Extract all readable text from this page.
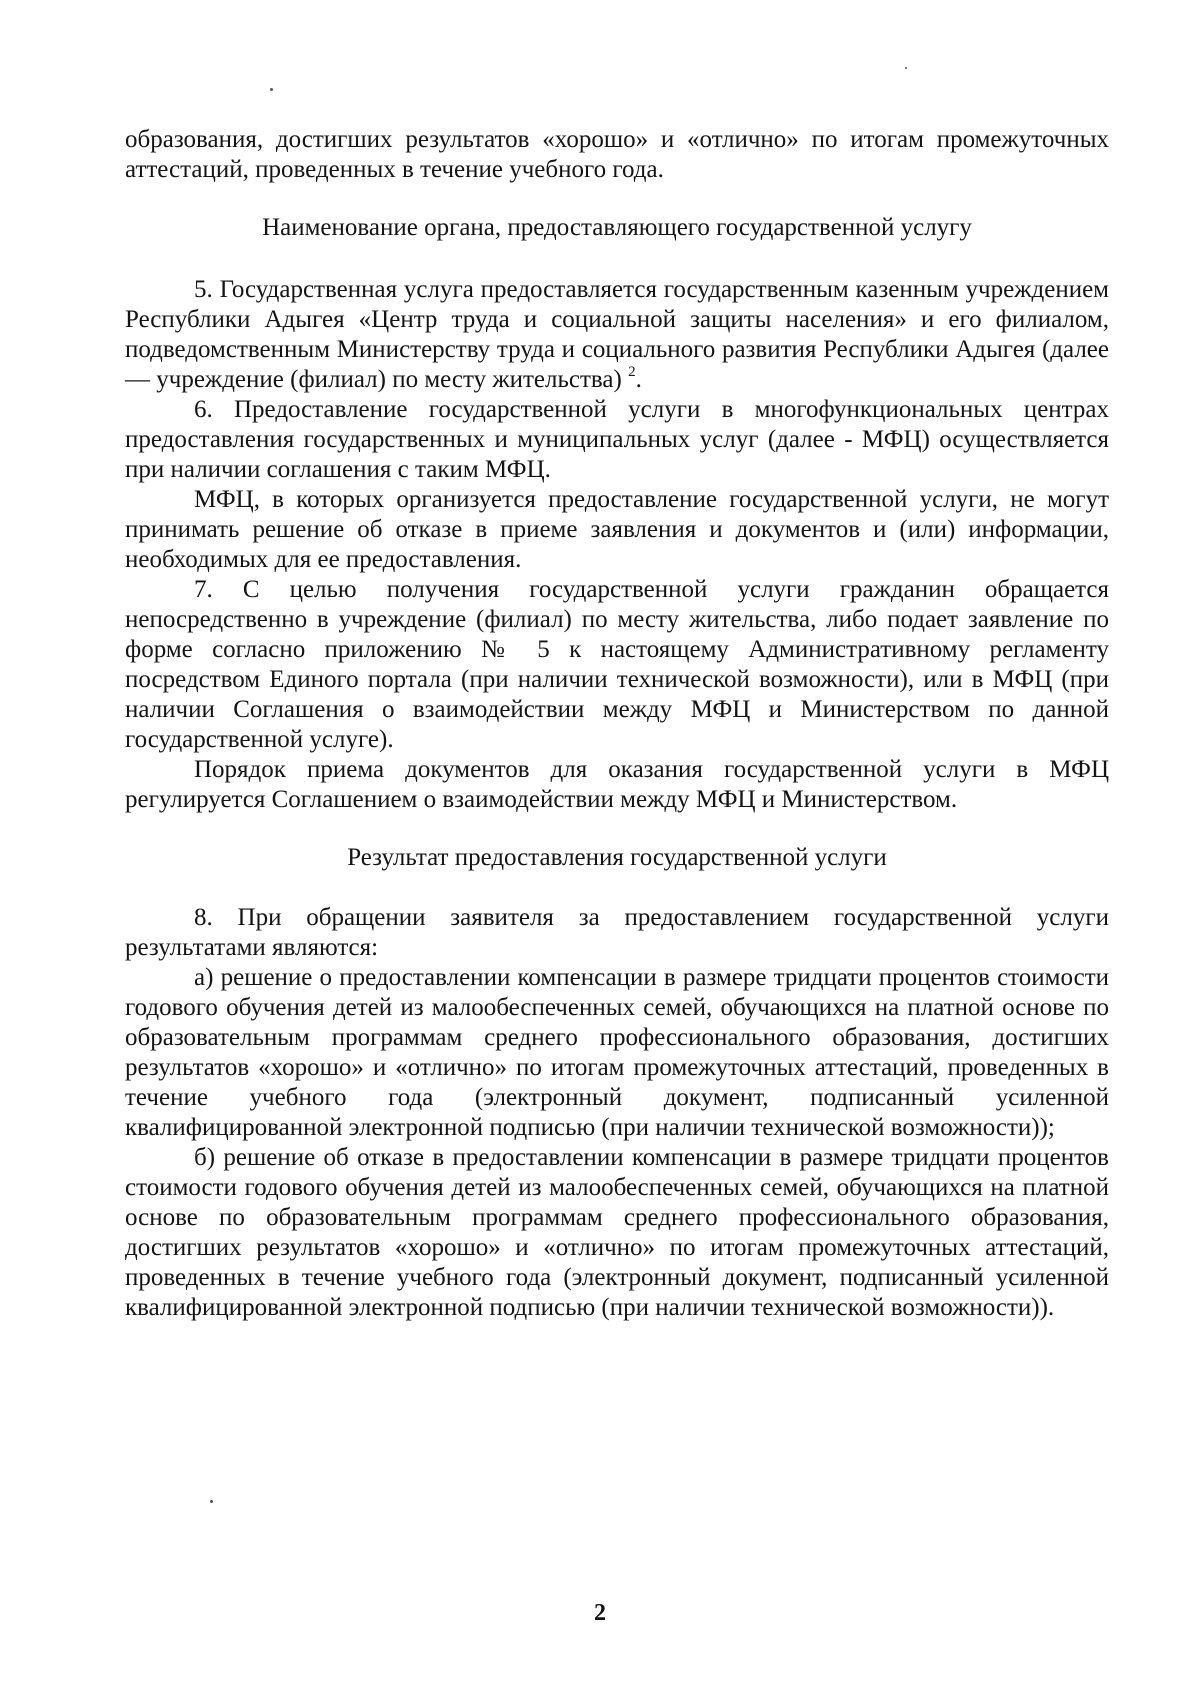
образования, достигших результатов «хорошо» и «отлично» по итогам промежуточных аттестаций, проведенных в течение учебного года.

Наименование органа, предоставляющего государственной услугу

5. Государственная услуга предоставляется государственным казенным учреждением Республики Адыгея «Центр труда и социальной защиты населения» и его филиалом, подведомственным Министерству труда и социального развития Республики Адыгея (далее — учреждение (филиал) по месту жительства) $^2$.

6. Предоставление государственной услуги в многофункциональных центрах предоставления государственных и муниципальных услуг (далее - МФЦ) осуществляется при наличии соглашения с таким МФЦ.

МФЦ, в которых организуется предоставление государственной услуги, не могут принимать решение об отказе в приеме заявления и документов и (или) информации, необходимых для ее предоставления.

7. С целью получения государственной услуги гражданин обращается непосредственно в учреждение (филиал) по месту жительства, либо подает заявление по форме согласно приложению № 5 к настоящему Административному регламенту посредством Единого портала (при наличии технической возможности), или в МФЦ (при наличии Соглашения о взаимодействии между МФЦ и Министерством по данной государственной услуге).

Порядок приема документов для оказания государственной услуги в МФЦ регулируется Соглашением о взаимодействии между МФЦ и Министерством.

Результат предоставления государственной услуги

8. При обращении заявителя за предоставлением государственной услуги результатами являются:

а) решение о предоставлении компенсации в размере тридцати процентов стоимости годового обучения детей из малообеспеченных семей, обучающихся на платной основе по образовательным программам среднего профессионального образования, достигших результатов «хорошо» и «отлично» по итогам промежуточных аттестаций, проведенных в течение учебного года (электронный документ, подписанный усиленной квалифицированной электронной подписью (при наличии технической возможности));

б) решение об отказе в предоставлении компенсации в размере тридцати процентов стоимости годового обучения детей из малообеспеченных семей, обучающихся на платной основе по образовательным программам среднего профессионального образования, достигших результатов «хорошо» и «отлично» по итогам промежуточных аттестаций, проведенных в течение учебного года (электронный документ, подписанный усиленной квалифицированной электронной подписью (при наличии технической возможности)).

2
